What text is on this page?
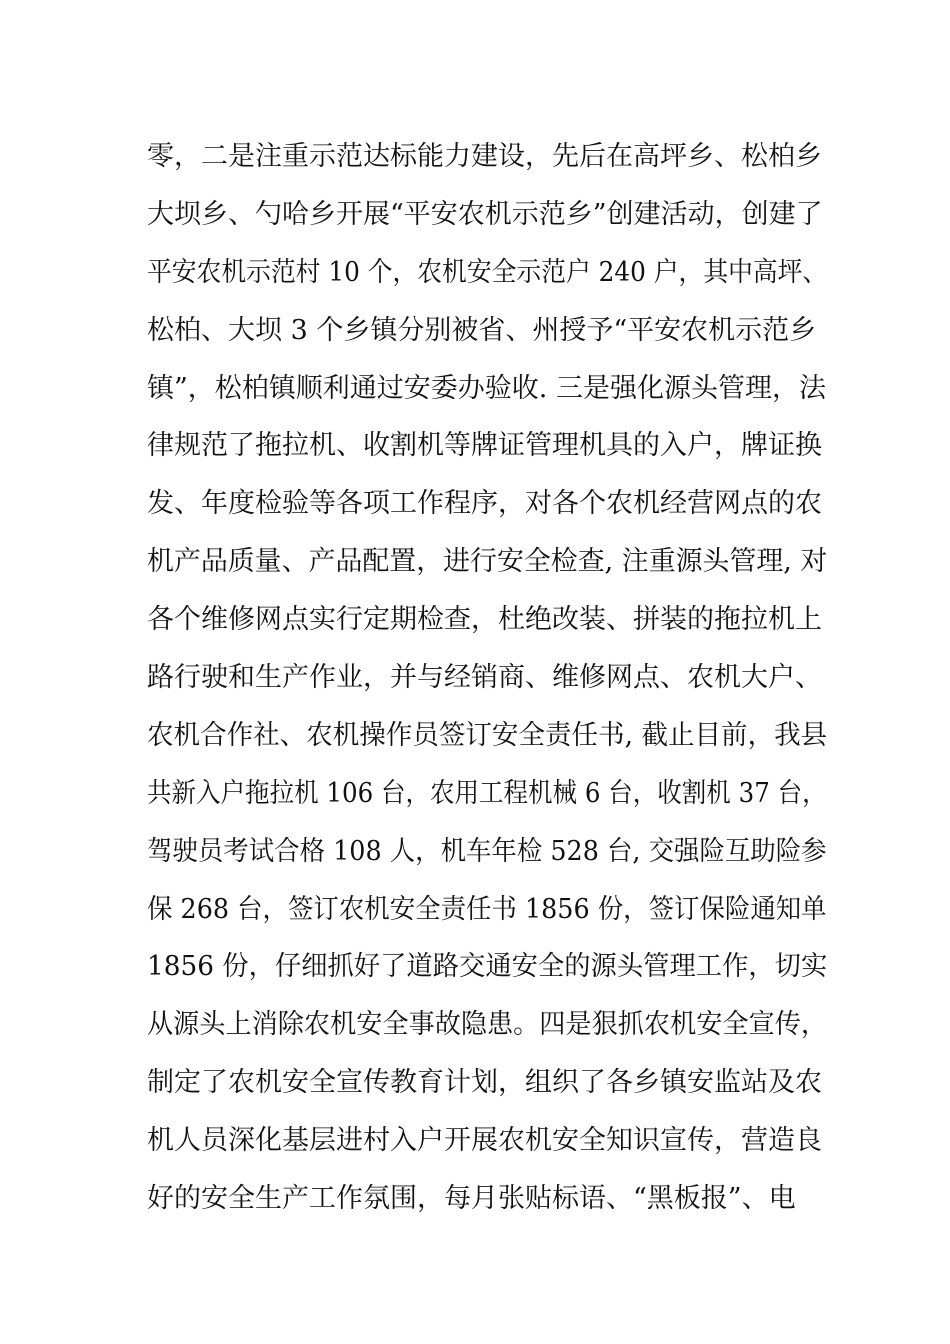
零，二是注重示范达标能力建设，先后在高坪乡、松柏乡
大坝乡、勺哈乡开展“平安农机示范乡”创建活动，创建了
平安农机示范村 10 个，农机安全示范户 240 户，其中高坪、
松柏、大坝 3 个乡镇分别被省、州授予“平安农机示范乡
镇”，松柏镇顺利通过安委办验收. 三是强化源头管理，法
律规范了拖拉机、收割机等牌证管理机具的入户，牌证换
发、年度检验等各项工作程序，对各个农机经营网点的农
机产品质量、产品配置，进行安全检查, 注重源头管理, 对
各个维修网点实行定期检查，杜绝改装、拼装的拖拉机上
路行驶和生产作业，并与经销商、维修网点、农机大户、
农机合作社、农机操作员签订安全责任书, 截止目前，我县
共新入户拖拉机 106 台，农用工程机械 6 台，收割机 37 台，
驾驶员考试合格 108 人，机车年检 528 台, 交强险互助险参
保 268 台，签订农机安全责任书 1856 份，签订保险通知单
1856 份，仔细抓好了道路交通安全的源头管理工作，切实
从源头上消除农机安全事故隐患。四是狠抓农机安全宣传，
制定了农机安全宣传教育计划，组织了各乡镇安监站及农
机人员深化基层进村入户开展农机安全知识宣传，营造良
好的安全生产工作氛围，每月张贴标语、“黑板报”、电
